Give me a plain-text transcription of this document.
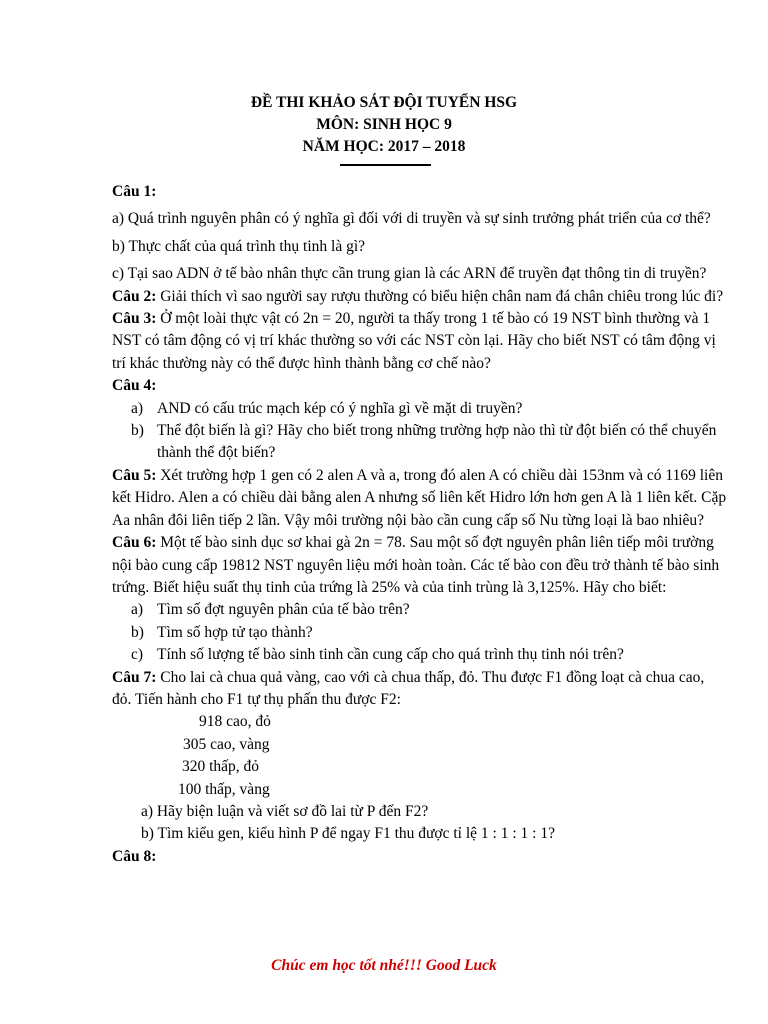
ĐỀ THI KHẢO SÁT ĐỘI TUYỂN HSG
MÔN: SINH HỌC 9
NĂM HỌC: 2017 – 2018

Câu 1:

a) Quá trình nguyên phân có ý nghĩa gì đối với di truyền và sự sinh trưởng phát triển của cơ thể?

b) Thực chất của quá trình thụ tinh là gì?

c) Tại sao ADN ở tế bào nhân thực cần trung gian là các ARN để truyền đạt thông tin di truyền?

Câu 2: Giải thích vì sao người say rượu thường có biểu hiện chân nam đá chân chiêu trong lúc đi?

Câu 3: Ở một loài thực vật có 2n = 20, người ta thấy trong 1 tế bào có 19 NST bình thường và 1 NST có tâm động có vị trí khác thường so với các NST còn lại. Hãy cho biết NST có tâm động vị trí khác thường này có thể được hình thành bằng cơ chế nào?

Câu 4:

a) AND có cấu trúc mạch kép có ý nghĩa gì về mặt di truyền?
b) Thể đột biến là gì? Hãy cho biết trong những trường hợp nào thì từ đột biến có thể chuyển thành thể đột biến?

Câu 5: Xét trường hợp 1 gen có 2 alen A và a, trong đó alen A có chiều dài 153nm và có 1169 liên kết Hidro. Alen a có chiều dài bằng alen A nhưng số liên kết Hidro lớn hơn gen A là 1 liên kết. Cặp Aa nhân đôi liên tiếp 2 lần. Vậy môi trường nội bào cần cung cấp số Nu từng loại là bao nhiêu?

Câu 6: Một tế bào sinh dục sơ khai gà 2n = 78. Sau một số đợt nguyên phân liên tiếp môi trường nội bào cung cấp 19812 NST nguyên liệu mới hoàn toàn. Các tế bào con đều trở thành tế bào sinh trứng. Biết hiệu suất thụ tinh của trứng là 25% và của tinh trùng là 3,125%. Hãy cho biết:

a) Tìm số đợt nguyên phân của tế bào trên?
b) Tìm số hợp tử tạo thành?
c) Tính số lượng tế bào sinh tinh cần cung cấp cho quá trình thụ tinh nói trên?

Câu 7: Cho lai cà chua quả vàng, cao với cà chua thấp, đỏ. Thu được F1 đồng loạt cà chua cao, đỏ. Tiến hành cho F1 tự thụ phấn thu được F2:

918 cao, đỏ

305 cao, vàng

320 thấp, đỏ

100 thấp, vàng

a) Hãy biện luận và viết sơ đồ lai từ P đến F2?

b) Tìm kiểu gen, kiểu hình P để ngay F1 thu được tỉ lệ 1 : 1 : 1 : 1?

Câu 8:

Chúc em học tốt nhé!!! Good Luck
